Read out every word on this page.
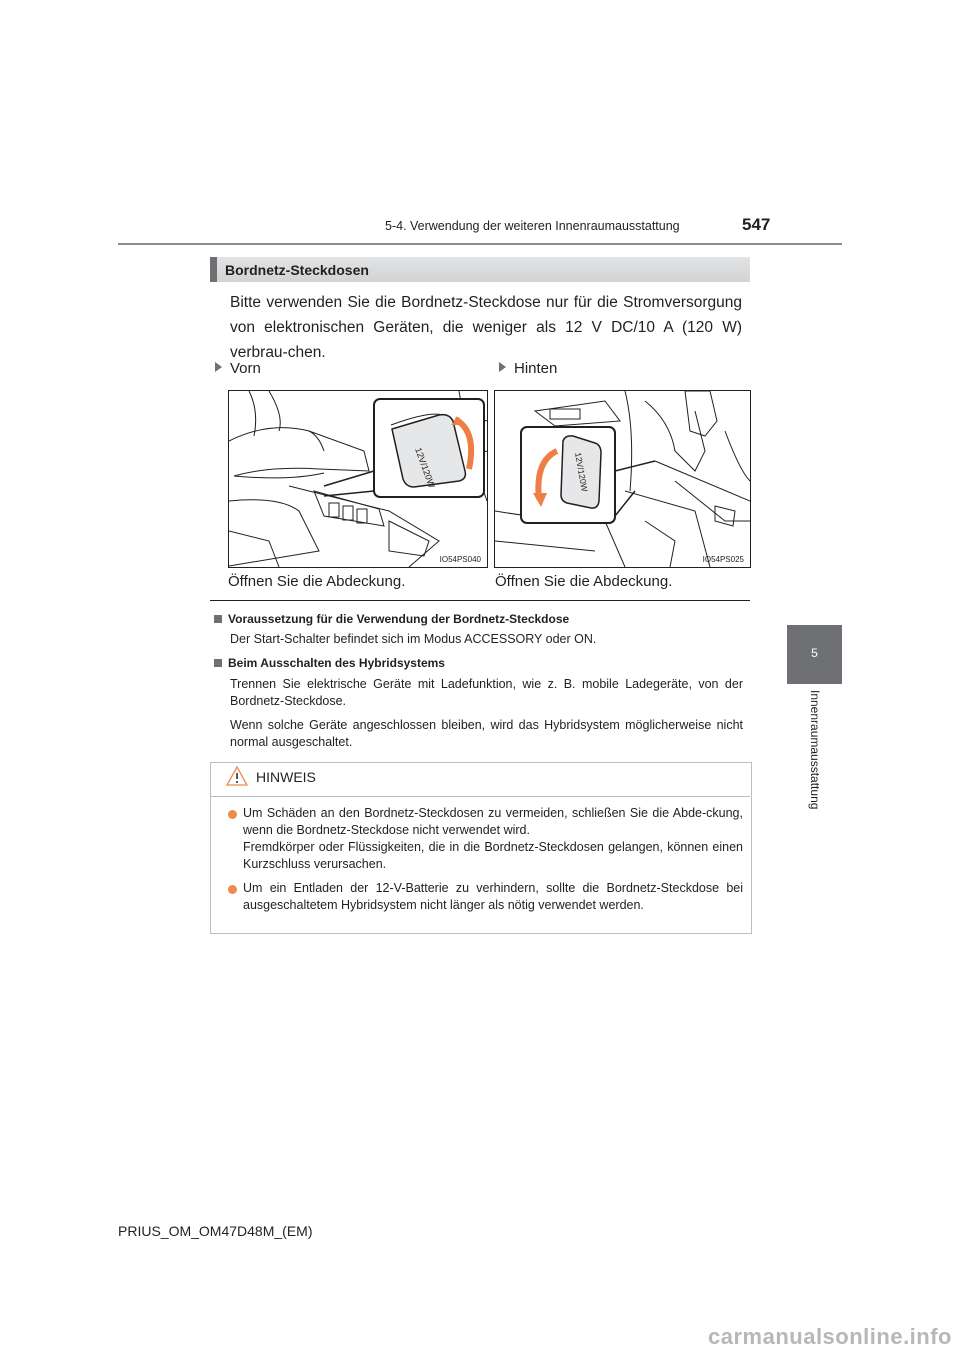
5-4. Verwendung der weiteren Innenraumausstattung	547
5
Innenraumausstattung
Bordnetz-Steckdosen
Bitte verwenden Sie die Bordnetz-Steckdose nur für die Stromversorgung von elektronischen Geräten, die weniger als 12 V DC/10 A (120 W) verbrau-chen.
Vorn	Hinten
12V/120W
IO54PS040
12V/120W
IO54PS025
Öffnen Sie die Abdeckung.	Öffnen Sie die Abdeckung.
Voraussetzung für die Verwendung der Bordnetz-Steckdose
Der Start-Schalter befindet sich im Modus ACCESSORY oder ON.
Beim Ausschalten des Hybridsystems
Trennen Sie elektrische Geräte mit Ladefunktion, wie z. B. mobile Ladegeräte, von der Bordnetz-Steckdose.
Wenn solche Geräte angeschlossen bleiben, wird das Hybridsystem möglicherweise nicht normal ausgeschaltet.
HINWEIS
Um Schäden an den Bordnetz-Steckdosen zu vermeiden, schließen Sie die Abde-ckung, wenn die Bordnetz-Steckdose nicht verwendet wird.
Fremdkörper oder Flüssigkeiten, die in die Bordnetz-Steckdosen gelangen, können einen Kurzschluss verursachen.
Um ein Entladen der 12-V-Batterie zu verhindern, sollte die Bordnetz-Steckdose bei ausgeschaltetem Hybridsystem nicht länger als nötig verwendet werden.
PRIUS_OM_OM47D48M_(EM)
carmanualsonline.info
